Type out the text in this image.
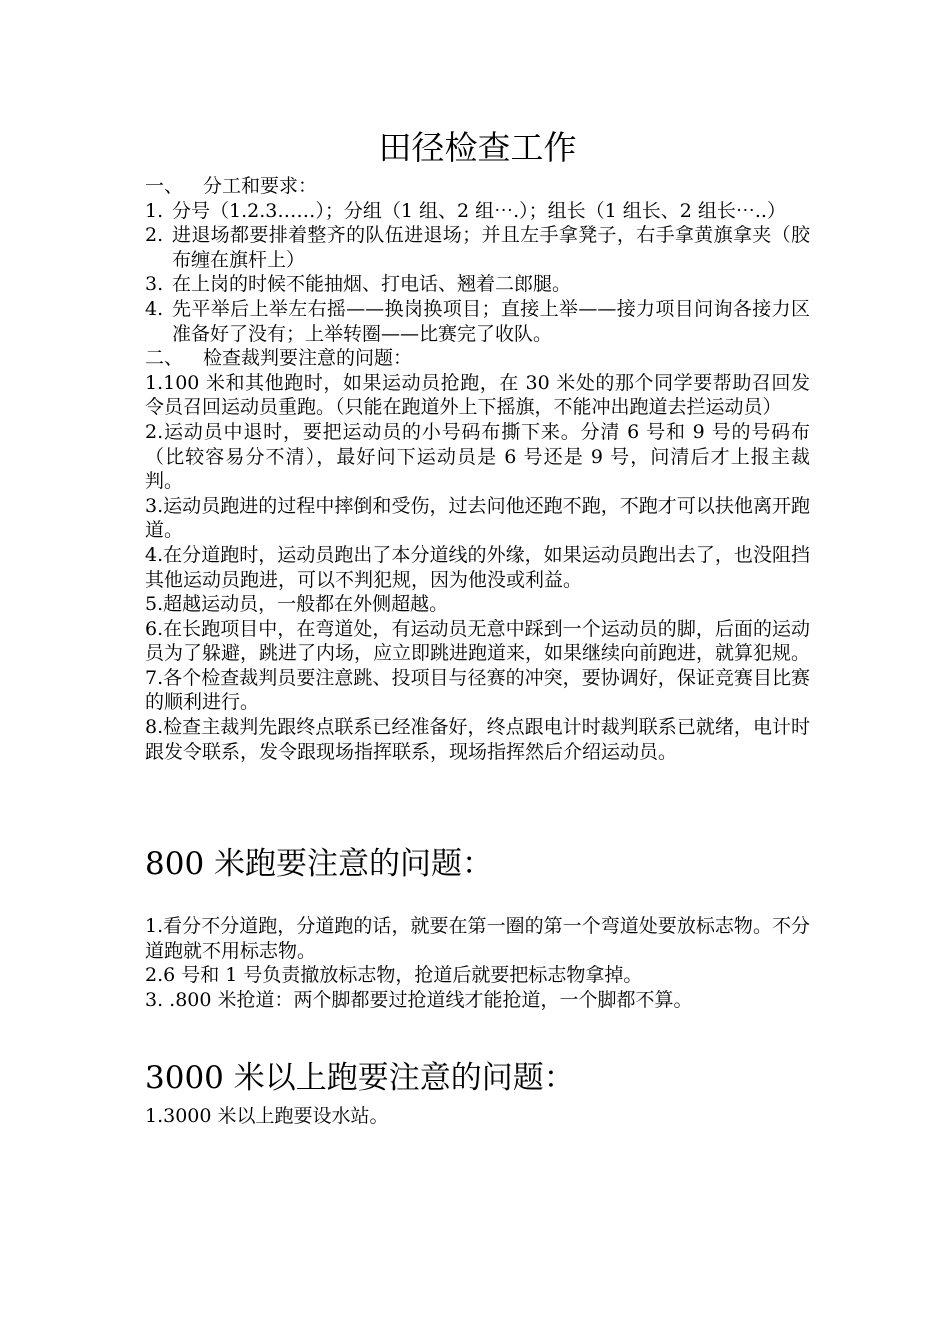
田径检查工作
一、	分工和要求：
1. 分号（1.2.3……）；分组（1 组、2 组⋯.）；组长（1 组长、2 组长⋯..）
2. 进退场都要排着整齐的队伍进退场；并且左手拿凳子，右手拿黄旗拿夹（胶布缠在旗杆上）
3. 在上岗的时候不能抽烟、打电话、翘着二郎腿。
4. 先平举后上举左右摇——换岗换项目；直接上举——接力项目问询各接力区准备好了没有；上举转圈——比赛完了收队。
二、	检查裁判要注意的问题：

1.100 米和其他跑时，如果运动员抢跑，在 30 米处的那个同学要帮助召回发令员召回运动员重跑。（只能在跑道外上下摇旗，不能冲出跑道去拦运动员）

2.运动员中退时，要把运动员的小号码布撕下来。分清 6 号和 9 号的号码布（比较容易分不清），最好问下运动员是 6 号还是 9 号，问清后才上报主裁判。

3.运动员跑进的过程中摔倒和受伤，过去问他还跑不跑，不跑才可以扶他离开跑道。

4.在分道跑时，运动员跑出了本分道线的外缘，如果运动员跑出去了，也没阻挡其他运动员跑进，可以不判犯规，因为他没或利益。

5.超越运动员，一般都在外侧超越。

6.在长跑项目中，在弯道处，有运动员无意中踩到一个运动员的脚，后面的运动员为了躲避，跳进了内场，应立即跳进跑道来，如果继续向前跑进，就算犯规。

7.各个检查裁判员要注意跳、投项目与径赛的冲突，要协调好，保证竞赛目比赛的顺利进行。

8.检查主裁判先跟终点联系已经准备好，终点跟电计时裁判联系已就绪，电计时跟发令联系，发令跟现场指挥联系，现场指挥然后介绍运动员。

800 米跑要注意的问题：

1.看分不分道跑，分道跑的话，就要在第一圈的第一个弯道处要放标志物。不分道跑就不用标志物。

2.6 号和 1 号负责撤放标志物，抢道后就要把标志物拿掉。

3. .800 米抢道：两个脚都要过抢道线才能抢道，一个脚都不算。

3000 米以上跑要注意的问题：

1.3000 米以上跑要设水站。
